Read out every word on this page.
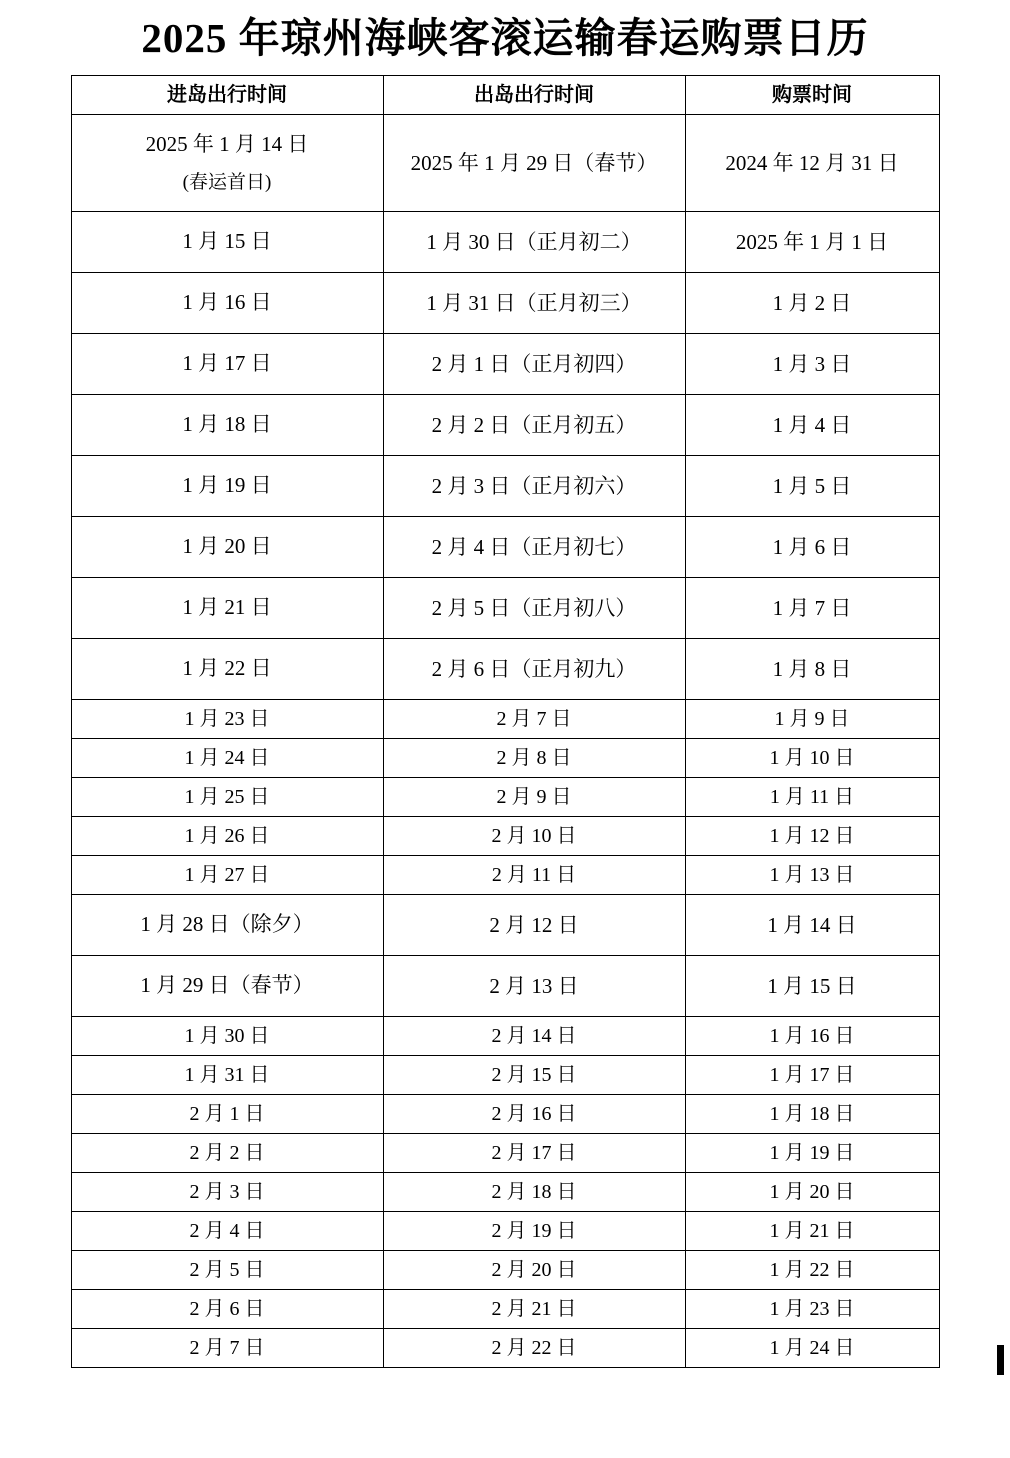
2025 年琼州海峡客滚运输春运购票日历
进岛出行时间	出岛出行时间	购票时间

2025 年 1 月 14 日
(春运首日)	2025 年 1 月 29 日（春节）	2024 年 12 月 31 日

1 月 15 日	1 月 30 日（正月初二）	2025 年 1 月 1 日

1 月 16 日	1 月 31 日（正月初三）	1 月 2 日

1 月 17 日	2 月 1 日（正月初四）	1 月 3 日

1 月 18 日	2 月 2 日（正月初五）	1 月 4 日

1 月 19 日	2 月 3 日（正月初六）	1 月 5 日

1 月 20 日	2 月 4 日（正月初七）	1 月 6 日

1 月 21 日	2 月 5 日（正月初八）	1 月 7 日

1 月 22 日	2 月 6 日（正月初九）	1 月 8 日

1 月 23 日	2 月 7 日	1 月 9 日

1 月 24 日	2 月 8 日	1 月 10 日

1 月 25 日	2 月 9 日	1 月 11 日

1 月 26 日	2 月 10 日	1 月 12 日

1 月 27 日	2 月 11 日	1 月 13 日

1 月 28 日（除夕）	2 月 12 日	1 月 14 日

1 月 29 日（春节）	2 月 13 日	1 月 15 日

1 月 30 日	2 月 14 日	1 月 16 日

1 月 31 日	2 月 15 日	1 月 17 日

2 月 1 日	2 月 16 日	1 月 18 日

2 月 2 日	2 月 17 日	1 月 19 日

2 月 3 日	2 月 18 日	1 月 20 日

2 月 4 日	2 月 19 日	1 月 21 日

2 月 5 日	2 月 20 日	1 月 22 日

2 月 6 日	2 月 21 日	1 月 23 日

2 月 7 日	2 月 22 日	1 月 24 日
